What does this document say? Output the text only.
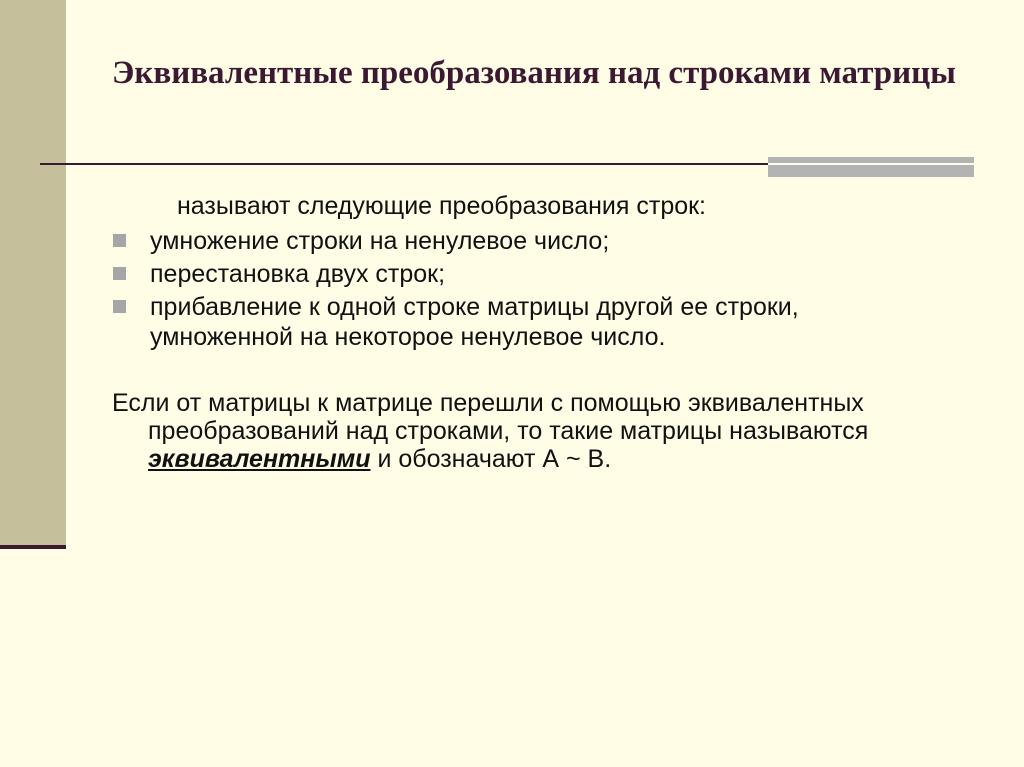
Эквивалентные преобразования над строками матрицы

называют следующие преобразования строк:

умножение строки на ненулевое число;
перестановка двух строк;
прибавление к одной строке матрицы другой ее строки, умноженной на некоторое ненулевое число.

Если от матрицы к матрице перешли с помощью эквивалентных преобразований над строками, то такие матрицы называются эквивалентными и обозначают А ~ В.
